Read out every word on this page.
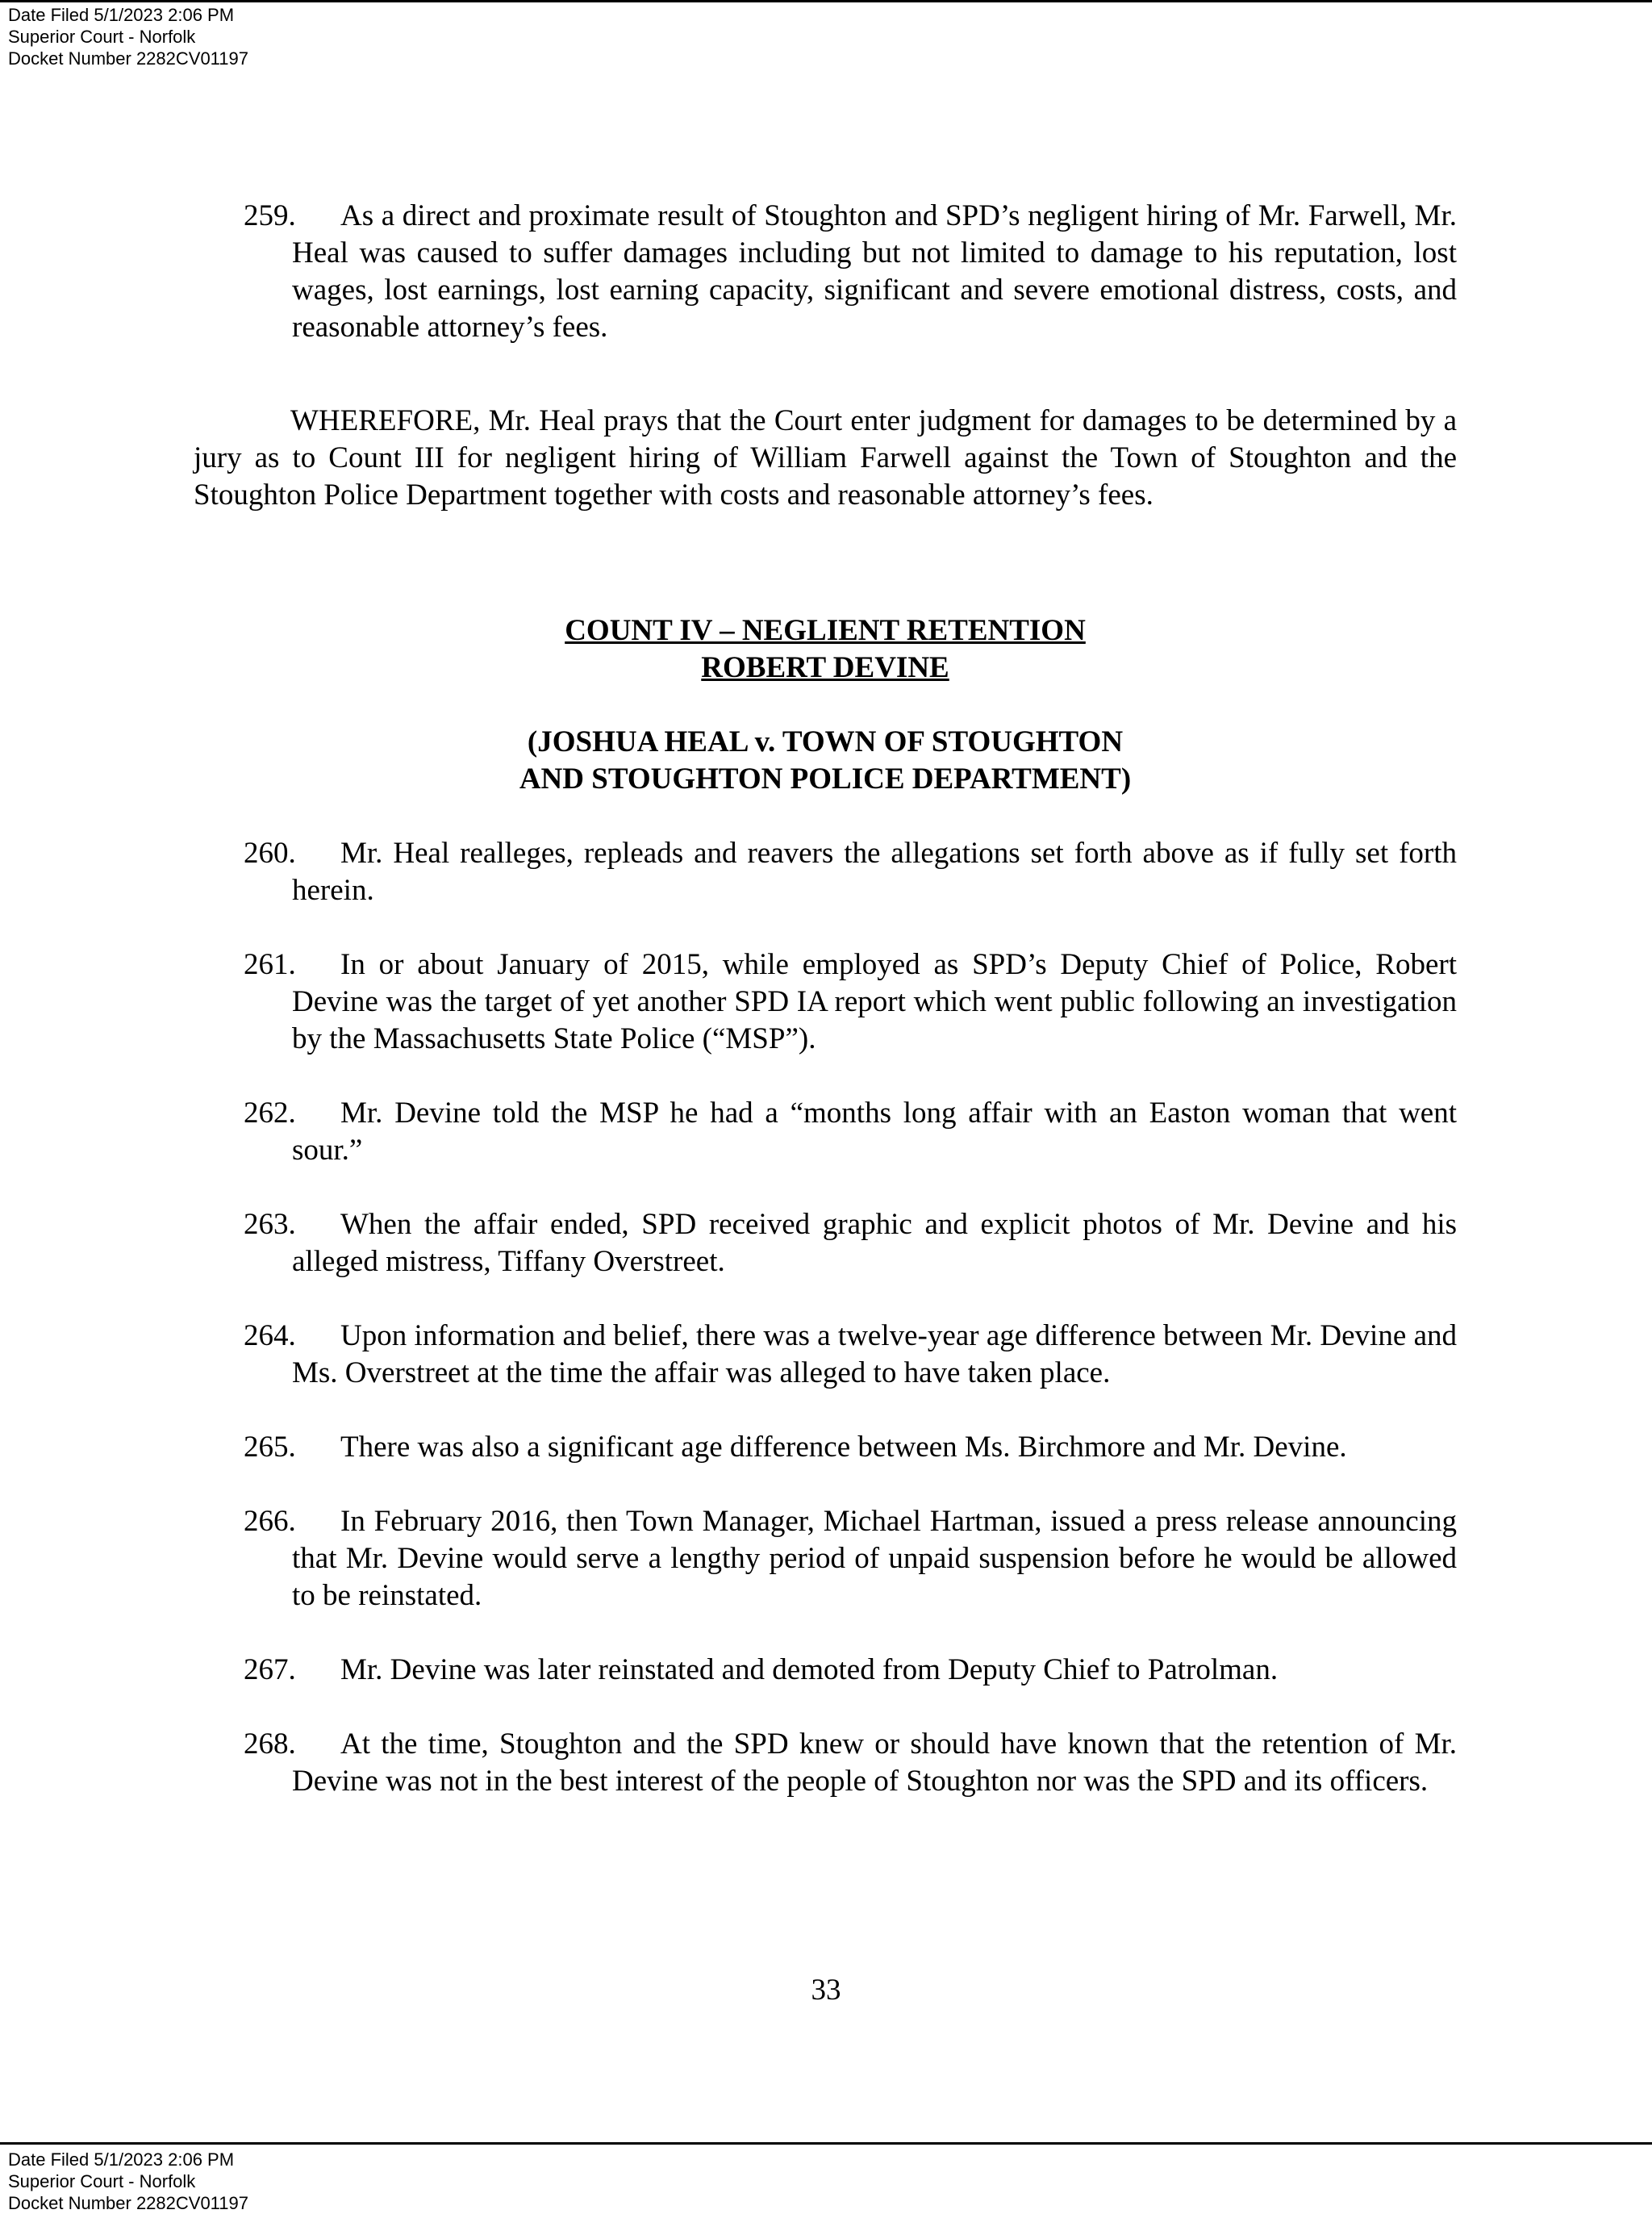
Date Filed 5/1/2023 2:06 PM
Superior Court - Norfolk
Docket Number 2282CV01197

259. As a direct and proximate result of Stoughton and SPD’s negligent hiring of Mr. Farwell, Mr. Heal was caused to suffer damages including but not limited to damage to his reputation, lost wages, lost earnings, lost earning capacity, significant and severe emotional distress, costs, and reasonable attorney’s fees.

WHEREFORE, Mr. Heal prays that the Court enter judgment for damages to be determined by a jury as to Count III for negligent hiring of William Farwell against the Town of Stoughton and the Stoughton Police Department together with costs and reasonable attorney’s fees.

COUNT IV – NEGLIENT RETENTION
ROBERT DEVINE
(JOSHUA HEAL v. TOWN OF STOUGHTON
AND STOUGHTON POLICE DEPARTMENT)

260. Mr. Heal realleges, repleads and reavers the allegations set forth above as if fully set forth herein.

261. In or about January of 2015, while employed as SPD’s Deputy Chief of Police, Robert Devine was the target of yet another SPD IA report which went public following an investigation by the Massachusetts State Police (“MSP”).

262. Mr. Devine told the MSP he had a “months long affair with an Easton woman that went sour.”

263. When the affair ended, SPD received graphic and explicit photos of Mr. Devine and his alleged mistress, Tiffany Overstreet.

264. Upon information and belief, there was a twelve-year age difference between Mr. Devine and Ms. Overstreet at the time the affair was alleged to have taken place.

265. There was also a significant age difference between Ms. Birchmore and Mr. Devine.

266. In February 2016, then Town Manager, Michael Hartman, issued a press release announcing that Mr. Devine would serve a lengthy period of unpaid suspension before he would be allowed to be reinstated.

267. Mr. Devine was later reinstated and demoted from Deputy Chief to Patrolman.

268. At the time, Stoughton and the SPD knew or should have known that the retention of Mr. Devine was not in the best interest of the people of Stoughton nor was the SPD and its officers.

33
Date Filed 5/1/2023 2:06 PM
Superior Court - Norfolk
Docket Number 2282CV01197
